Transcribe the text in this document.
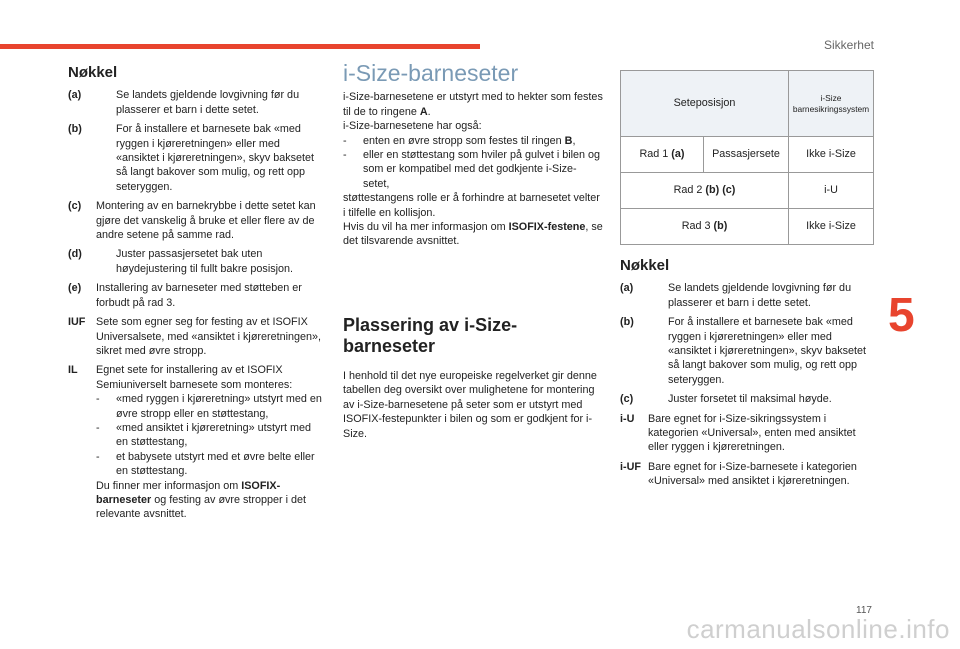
Sikkerhet
5
117
carmanualsonline.info
Nøkkel
(a)	Se landets gjeldende lovgivning før du plasserer et barn i dette setet.
(b)	For å installere et barnesete bak «med ryggen i kjøreretningen» eller med «ansiktet i kjøreretningen», skyv baksetet så langt bakover som mulig, og rett opp seteryggen.
(c)	Montering av en barnekrybbe i dette setet kan gjøre det vanskelig å bruke et eller flere av de andre setene på samme rad.
(d)	Juster passasjersetet bak uten høydejustering til fullt bakre posisjon.
(e)	Installering av barneseter med støtteben er forbudt på rad 3.
IUF Sete som egner seg for festing av et ISOFIX Universalsete, med «ansiktet i kjøreretningen», sikret med øvre stropp.
IL	Egnet sete for installering av et ISOFIX Semiuniverselt barnesete som monteres:
-	«med ryggen i kjøreretning» utstyrt med en øvre stropp eller en støttestang,
-	«med ansiktet i kjøreretning» utstyrt med en støttestang,
-	et babysete utstyrt med et øvre belte eller en støttestang.
Du finner mer informasjon om ISOFIX-barneseter og festing av øvre stropper i det relevante avsnittet.
i-Size-barneseter

i-Size-barnesetene er utstyrt med to hekter som festes til de to ringene A.

i-Size-barnesetene har også:

-	enten en øvre stropp som festes til ringen B,
-	eller en støttestang som hviler på gulvet i bilen og som er kompatibel med det godkjente i-Size-setet,

støttestangens rolle er å forhindre at barnesetet velter i tilfelle en kollisjon.

Hvis du vil ha mer informasjon om ISOFIX-festene, se det tilsvarende avsnittet.

Plassering av i-Size-barneseter

I henhold til det nye europeiske regelverket gir denne tabellen deg oversikt over mulighetene for montering av i-Size-barnesetene på seter som er utstyrt med ISOFIX-festepunkter i bilen og som er godkjent for i-Size.

Seteposisjon		i-Size barnesikringssystem
Rad 1 (a)	Passasjersete	Ikke i-Size
Rad 2 (b) (c)		i-U
Rad 3 (b)		Ikke i-Size
Nøkkel
(a)	Se landets gjeldende lovgivning før du plasserer et barn i dette setet.
(b)	For å installere et barnesete bak «med ryggen i kjøreretningen» eller med «ansiktet i kjøreretningen», skyv baksetet så langt bakover som mulig, og rett opp seteryggen.
(c)	Juster forsetet til maksimal høyde.
i-U	Bare egnet for i-Size-sikringssystem i kategorien «Universal», enten med ansiktet eller ryggen i kjøreretningen.
i-UF Bare egnet for i-Size-barnesete i kategorien «Universal» med ansiktet i kjøreretningen.
